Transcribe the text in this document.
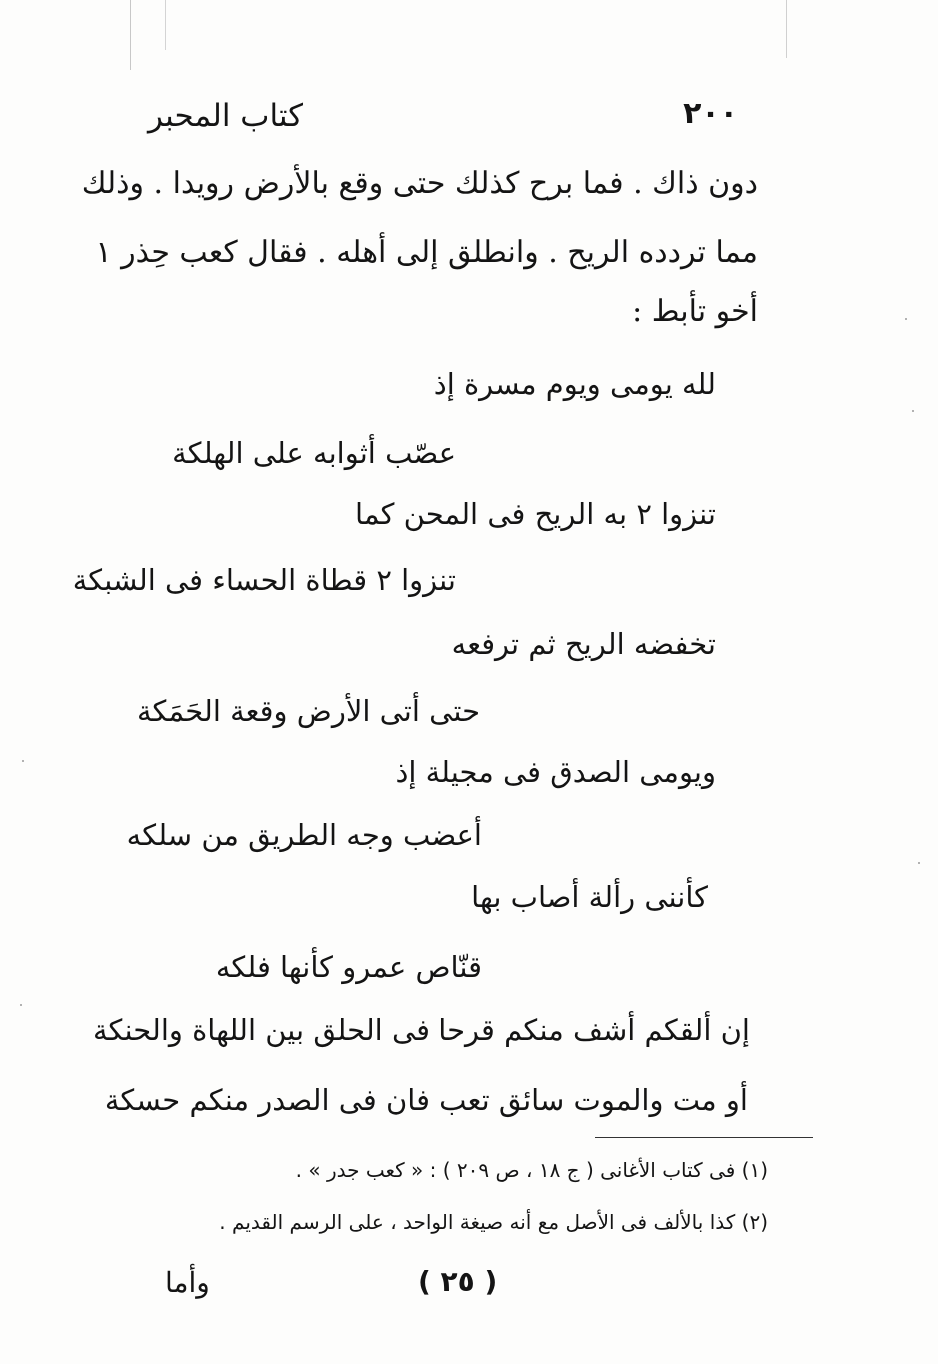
٢٠٠
كتاب المحبر
دون ذاك . فما برح كذلك حتى وقع بالأرض رويدا . وذلك
مما تردده الريح . وانطلق إلى أهله . فقال كعب حِذر ١
أخو تأبط :
لله يومى ويوم مسرة إذ
عصّب أثوابه على الهلكة
تنزوا ٢ به الريح فى المحن كما
تنزوا ٢ قطاة الحساء فى الشبكة
تخفضه الريح ثم ترفعه
حتى أتى الأرض وقعة الحَمَكة
ويومى الصدق فى مجيلة إذ
أعضب وجه الطريق من سلكه
كأننى رألة أصاب بها
قنّاص عمرو كأنها فلكه
إن ألقكم أشف منكم قرحا
فى الحلق بين اللهاة والحنكة
أو مت والموت سائق تعب
فان فى الصدر منكم حسكة
(١) فى كتاب الأغانى ( ج ١٨ ، ص ٢٠٩ ) : « كعب جدر » .
(٢) كذا بالألف فى الأصل مع أنه صيغة الواحد ، على الرسم القديم .
( ٢٥ )
وأما
